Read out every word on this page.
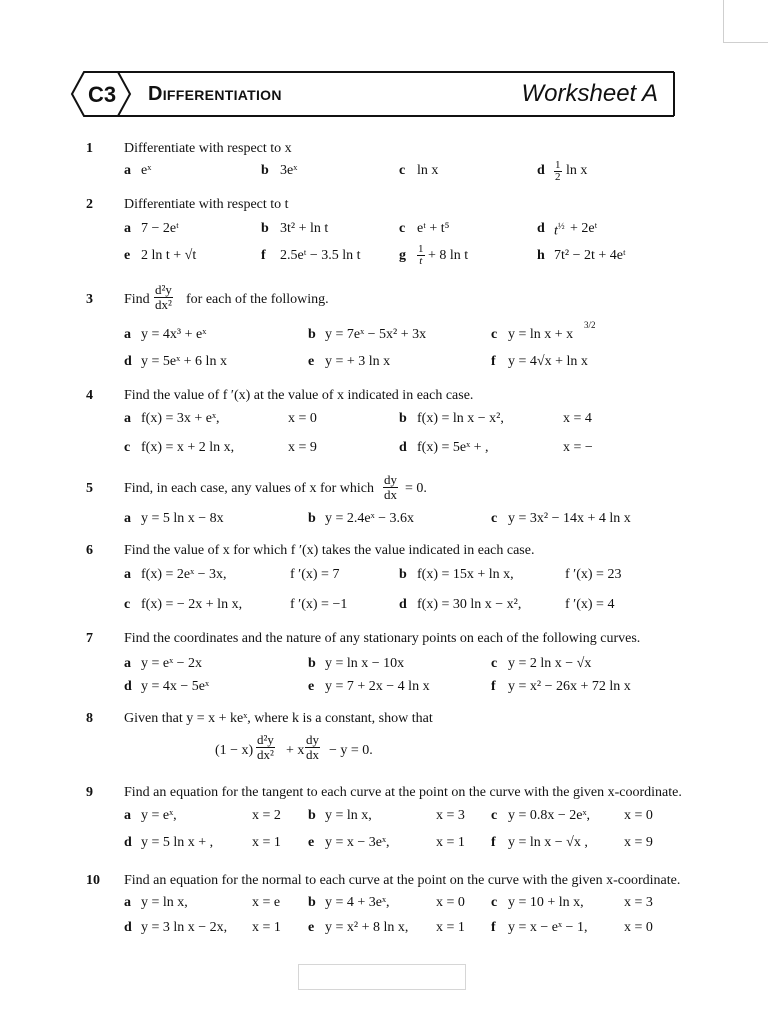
C3 Differentiation	Worksheet A
1 Differentiate with respect to x
a eˣ	b 3eˣ	c ln x	d $\frac{1}{2}$ ln x
2 Differentiate with respect to t
a 7 − 2eᵗ	b 3t² + ln t	c eᵗ + t⁵	d $t^{\frac{1}{2}}$ + 2eᵗ
e 2 ln t + √t	f 2.5eᵗ − 3.5 ln t	g $\frac{1}{t} + 8$ ln t	h 7t² − 2t + 4eᵗ
3 Find $\frac{\text{d²y}}{\text{dx²}}$ for each of the following.
a y = 4x³ + eˣ	b y = 7eˣ − 5x² + 3x	c y = ln x + x
3/2
d y = 5eˣ + 6 ln x	e y = + 3 ln x	f y = 4√x + ln x
4 Find the value of f ′(x) at the value of x indicated in each case.
a f(x) = 3x + eˣ,	x = 0	b f(x) = ln x − x²,	x = 4
c f(x) = x + 2 ln x,	x = 9	d f(x) = 5eˣ + ,	x = −
5 Find, in each case, any values of x for which $\frac{dy}{dx} = 0$.
a y = 5 ln x − 8x	b y = 2.4eˣ − 3.6x	c y = 3x² − 14x + 4 ln x
6 Find the value of x for which f ′(x) takes the value indicated in each case.
a f(x) = 2eˣ − 3x,	f ′(x) = 7	b f(x) = 15x + ln x,	f ′(x) = 23
c f(x) = − 2x + ln x,	f ′(x) = −1	d f(x) = 30 ln x − x²,	f ′(x) = 4
7 Find the coordinates and the nature of any stationary points on each of the following curves.
a y = eˣ − 2x	b y = ln x − 10x	c y = 2 ln x − √x
d y = 4x − 5eˣ	e y = 7 + 2x − 4 ln x	f y = x² − 26x + 72 ln x
8 Given that y = x + keˣ, where k is a constant, show that
$(1 - x) \frac{\text{d²y}}{\text{dx²}} + x \frac{dy}{dx} - y = 0$.
9 Find an equation for the tangent to each curve at the point on the curve with the given x-coordinate.
a y = eˣ,	x = 2 b y = ln x,	x = 3 c y = 0.8x − 2eˣ, x = 0
d y = 5 ln x + ,	x = 1 e y = x − 3eˣ,	x = 1 f y = ln x − √x ,	x = 9
10 Find an equation for the normal to each curve at the point on the curve with the given x-coordinate.
a y = ln x,	x = e b y = 4 + 3eˣ,	x = 0 c y = 10 + ln x,	x = 3
d y = 3 ln x − 2x, x = 1 e y = x² + 8 ln x, x = 1 f y = x − eˣ − 1,	x = 0
